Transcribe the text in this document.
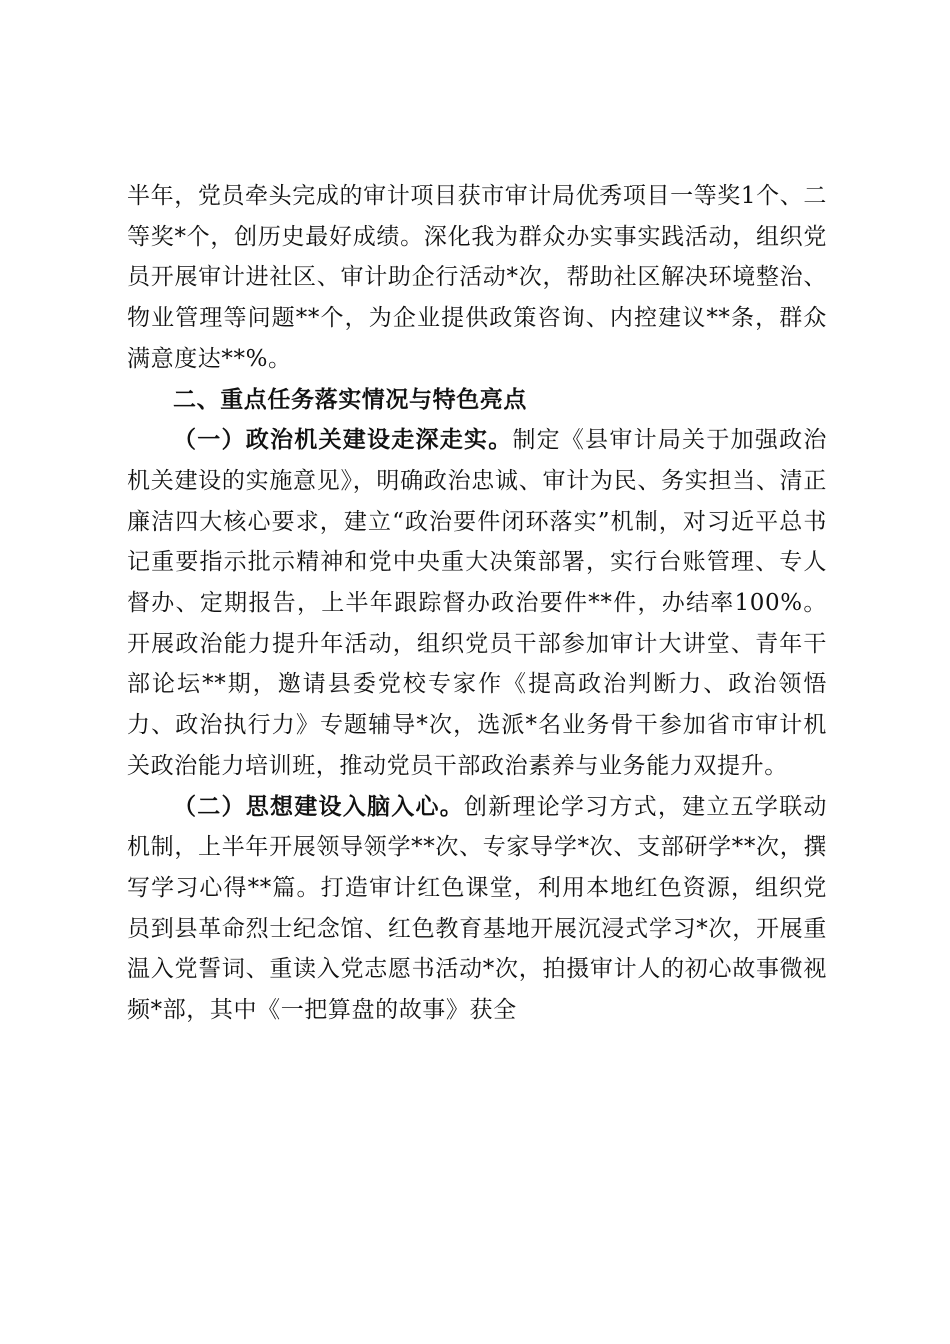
半年，党员牵头完成的审计项目获市审计局优秀项目一等奖1个、二等奖*个，创历史最好成绩。深化我为群众办实事实践活动，组织党员开展审计进社区、审计助企行活动*次，帮助社区解决环境整治、物业管理等问题**个，为企业提供政策咨询、内控建议**条，群众满意度达**%。

二、重点任务落实情况与特色亮点

（一）政治机关建设走深走实。制定《县审计局关于加强政治机关建设的实施意见》，明确政治忠诚、审计为民、务实担当、清正廉洁四大核心要求，建立“政治要件闭环落实”机制，对习近平总书记重要指示批示精神和党中央重大决策部署，实行台账管理、专人督办、定期报告，上半年跟踪督办政治要件**件，办结率100%。开展政治能力提升年活动，组织党员干部参加审计大讲堂、青年干部论坛**期，邀请县委党校专家作《提高政治判断力、政治领悟力、政治执行力》专题辅导*次，选派*名业务骨干参加省市审计机关政治能力培训班，推动党员干部政治素养与业务能力双提升。

（二）思想建设入脑入心。创新理论学习方式，建立五学联动机制，上半年开展领导领学**次、专家导学*次、支部研学**次，撰写学习心得**篇。打造审计红色课堂，利用本地红色资源，组织党员到县革命烈士纪念馆、红色教育基地开展沉浸式学习*次，开展重温入党誓词、重读入党志愿书活动*次，拍摄审计人的初心故事微视频*部，其中《一把算盘的故事》获全
